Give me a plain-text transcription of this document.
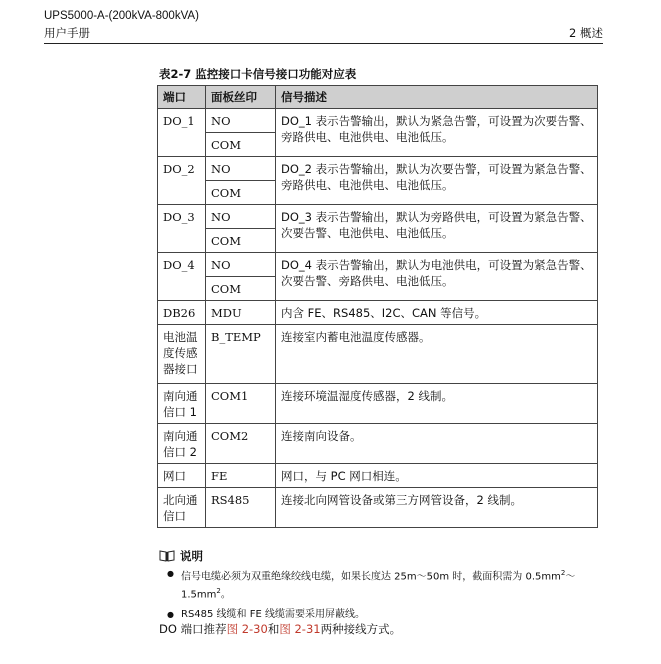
UPS5000-A-(200kVA-800kVA)
用户手册	2 概述
表2-7 监控接口卡信号接口功能对应表
端口	面板丝印	信号描述
DO_1	NO	DO_1 表示告警输出，默认为紧急告警，可设置为次要告警、旁路供电、电池供电、电池低压。
	COM	
DO_2	NO	DO_2 表示告警输出，默认为次要告警，可设置为紧急告警、旁路供电、电池供电、电池低压。
	COM	
DO_3	NO	DO_3 表示告警输出，默认为旁路供电，可设置为紧急告警、次要告警、电池供电、电池低压。
	COM	
DO_4	NO	DO_4 表示告警输出，默认为电池供电，可设置为紧急告警、次要告警、旁路供电、电池低压。
	COM	
DB26	MDU	内含 FE、RS485、I2C、CAN 等信号。
电池温度传感器接口	B_TEMP	连接室内蓄电池温度传感器。
南向通信口 1	COM1	连接环境温湿度传感器，2 线制。
南向通信口 2	COM2	连接南向设备。
网口	FE	网口，与 PC 网口相连。
北向通信口	RS485	连接北向网管设备或第三方网管设备，2 线制。
说明
● 信号电缆必须为双重绝缘绞线电缆，如果长度达 25m～50m 时，截面积需为 $0.5mm^2\sim$
$1.5mm^2$。
● RS485 线缆和 FE 线缆需要采用屏蔽线。
DO 端口推荐图 2-30和图 2-31两种接线方式。
